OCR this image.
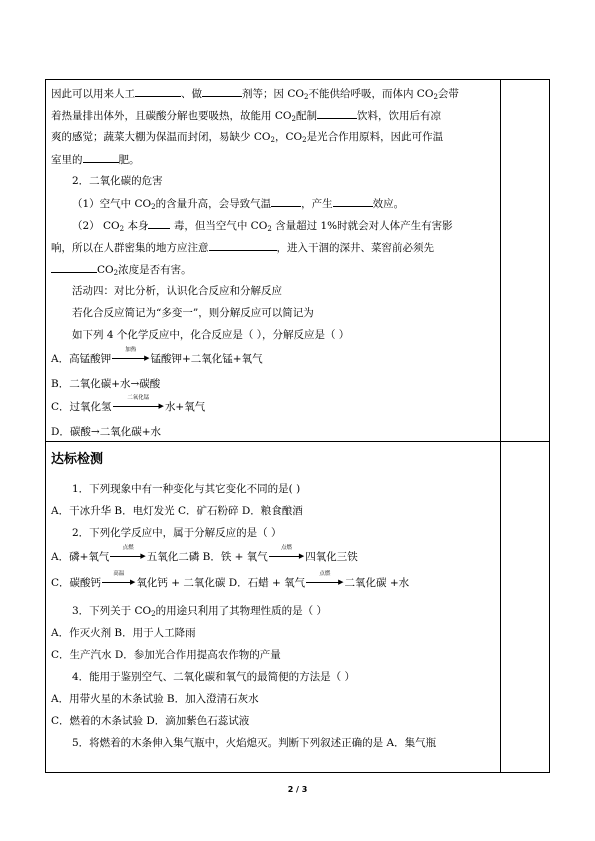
因此可以用来人工	、做	剂等；因 $CO_2$不能供给呼吸，而体内 $CO_2$会带
着热量排出体外，且碳酸分解也要吸热，故能用 $CO_2$配制	饮料，饮用后有凉
爽的感觉；蔬菜大棚为保温而封闭，易缺少 $CO_2$，$CO_2$是光合作用原料，因此可作温
室里的	肥。
2．二氧化碳的危害
（1）空气中 $CO_2$的含量升高，会导致气温	，产生	效应。
（2） $CO_2$ 本身 毒，但当空气中 $CO_2$ 含量超过 1%时就会对人体产生有害影
响，所以在人群密集的地方应注意	，进入干涸的深井、菜窖前必须先
$CO_2$浓度是否有害。
活动四：对比分析，认识化合反应和分解反应
若化合反应简记为“多变一”，则分解反应可以简记为
如下列 4 个化学反应中，化合反应是（ ），分解反应是（ ）
A．高锰酸钾
加热
▶锰酸钾+二氧化锰+氧气
B．二氧化碳+水→碳酸
C．过氧化氢
二氧化锰
▶水+氧气
D．碳酸→二氧化碳+水
达标检测
1．下列现象中有一种变化与其它变化不同的是( )
A．干冰升华 B．电灯发光 C．矿石粉碎 D．粮食酿酒
2．下列化学反应中，属于分解反应的是（ ）
A．磷+氧气
点燃
▶五氧化二磷 B．铁 + 氧气
点燃
▶四氧化三铁
C．碳酸钙
高温
▶氧化钙 + 二氧化碳 D．石蜡 + 氧气
点燃
▶二氧化碳 +水
3．下列关于 $CO_2$的用途只利用了其物理性质的是（ ）
A．作灭火剂 B．用于人工降雨
C．生产汽水 D．参加光合作用提高农作物的产量
4．能用于鉴别空气、二氧化碳和氧气的最简便的方法是（ ）
A．用带火星的木条试验 B．加入澄清石灰水
C．燃着的木条试验 D．滴加紫色石蕊试液
5．将燃着的木条伸入集气瓶中，火焰熄灭。判断下列叙述正确的是 A．集气瓶
2 / 3
